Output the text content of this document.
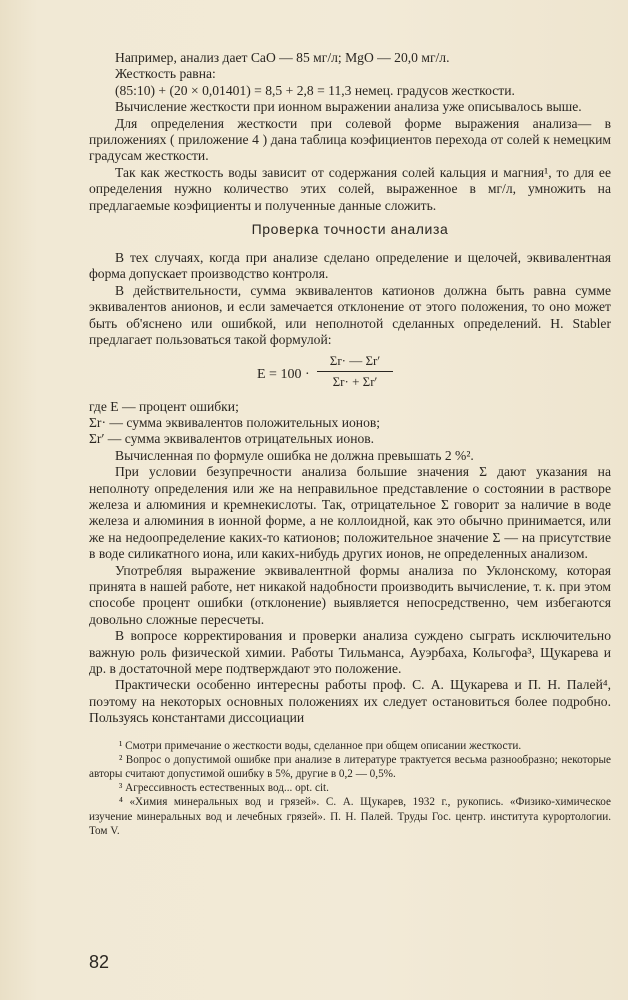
Например, анализ дает CaO — 85 мг/л; MgO — 20,0 мг/л.

Жесткость равна:

(85:10) + (20 × 0,01401) = 8,5 + 2,8 = 11,3 немец. градусов жесткости.

Вычисление жесткости при ионном выражении анализа уже описывалось выше.

Для определения жесткости при солевой форме выражения анализа— в приложениях ( приложение 4 ) дана таблица коэфициентов перехода от солей к немецким градусам жесткости.

Так как жесткость воды зависит от содержания солей кальция и магния¹, то для ее определения нужно количество этих солей, выраженное в мг/л, умножить на предлагаемые коэфициенты и полученные данные сложить.

Проверка точности анализа

В тех случаях, когда при анализе сделано определение и щелочей, эквивалентная форма допускает производство контроля.

В действительности, сумма эквивалентов катионов должна быть равна сумме эквивалентов анионов, и если замечается отклонение от этого положения, то оно может быть об'яснено или ошибкой, или неполнотой сделанных определений. H. Stabler предлагает пользоваться такой формулой:

E = 100 ·
Σr· — Σr′
Σr· + Σr′
где E — процент ошибки;
Σr· — сумма эквивалентов положительных ионов;
Σr′ — сумма эквивалентов отрицательных ионов.

Вычисленная по формуле ошибка не должна превышать 2 %².

При условии безупречности анализа большие значения Σ дают указания на неполноту определения или же на неправильное представление о состоянии в растворе железа и алюминия и кремнекислоты. Так, отрицательное Σ говорит за наличие в воде железа и алюминия в ионной форме, а не коллоидной, как это обычно принимается, или же на недоопределение каких-то катионов; положительное значение Σ — на присутствие в воде силикатного иона, или каких-нибудь других ионов, не определенных анализом.

Употребляя выражение эквивалентной формы анализа по Уклонскому, которая принята в нашей работе, нет никакой надобности производить вычисление, т. к. при этом способе процент ошибки (отклонение) выявляется непосредственно, чем избегаются довольно сложные пересчеты.

В вопросе корректирования и проверки анализа суждено сыграть исключительно важную роль физической химии. Работы Тильманса, Ауэрбаха, Кольгофа³, Щукарева и др. в достаточной мере подтверждают это положение.

Практически особенно интересны работы проф. С. А. Щукарева и П. Н. Палей⁴, поэтому на некоторых основных положениях их следует остановиться более подробно. Пользуясь константами диссоциации

¹ Смотри примечание о жесткости воды, сделанное при общем описании жесткости.

² Вопрос о допустимой ошибке при анализе в литературе трактуется весьма разнообразно; некоторые авторы считают допустимой ошибку в 5%, другие в 0,2 — 0,5%.

³ Агрессивность естественных вод... opt. cit.

⁴ «Химия минеральных вод и грязей». С. А. Щукарев, 1932 г., рукопись. «Физико-химическое изучение минеральных вод и лечебных грязей». П. Н. Палей. Труды Гос. центр. института курортологии. Том V.

82
